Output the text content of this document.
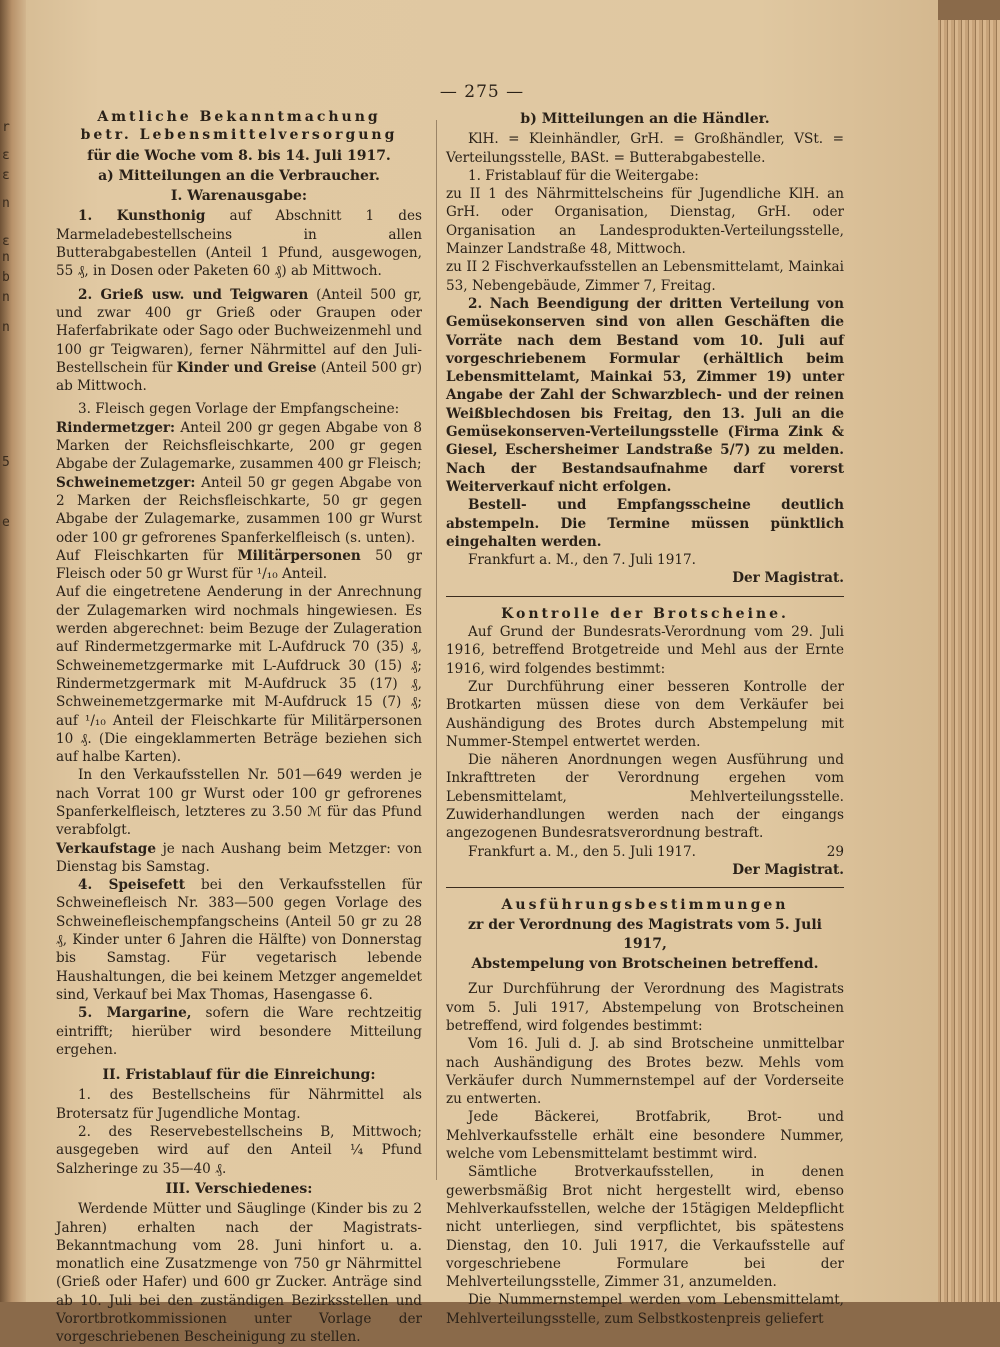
r
ε
ε
n
ε
n
b
n
n
5
e
— 275 —

Amtliche Bekanntmachung

betr. Lebensmittelversorgung

für die Woche vom 8. bis 14. Juli 1917.

a) Mitteilungen an die Verbraucher.

I. Warenausgabe:

1. Kunsthonig auf Abschnitt 1 des Marmeladebestellscheins in allen Butterabgabestellen (Anteil 1 Pfund, ausgewogen, 55 ₰, in Dosen oder Paketen 60 ₰) ab Mittwoch.

2. Grieß usw. und Teigwaren (Anteil 500 gr, und zwar 400 gr Grieß oder Graupen oder Haferfabrikate oder Sago oder Buchweizenmehl und 100 gr Teigwaren), ferner Nährmittel auf den Juli-Bestellschein für Kinder und Greise (Anteil 500 gr) ab Mittwoch.

3. Fleisch gegen Vorlage der Empfangscheine:

Rindermetzger: Anteil 200 gr gegen Abgabe von 8 Marken der Reichsfleischkarte, 200 gr gegen Abgabe der Zulagemarke, zusammen 400 gr Fleisch;

Schweinemetzger: Anteil 50 gr gegen Abgabe von 2 Marken der Reichsfleischkarte, 50 gr gegen Abgabe der Zulagemarke, zusammen 100 gr Wurst oder 100 gr gefrorenes Spanferkelfleisch (s. unten).

Auf Fleischkarten für Militärpersonen 50 gr Fleisch oder 50 gr Wurst für ¹/₁₀ Anteil.

Auf die eingetretene Aenderung in der Anrechnung der Zulagemarken wird nochmals hingewiesen. Es werden abgerechnet: beim Bezuge der Zulageration auf Rindermetzgermarke mit L-Aufdruck 70 (35) ₰, Schweinemetzgermarke mit L-Aufdruck 30 (15) ₰; Rindermetzgermark mit M-Aufdruck 35 (17) ₰, Schweinemetzgermarke mit M-Aufdruck 15 (7) ₰; auf ¹/₁₀ Anteil der Fleischkarte für Militärpersonen 10 ₰. (Die eingeklammerten Beträge beziehen sich auf halbe Karten).

In den Verkaufsstellen Nr. 501—649 werden je nach Vorrat 100 gr Wurst oder 100 gr gefrorenes Spanferkelfleisch, letzteres zu 3.50 ℳ für das Pfund verabfolgt.

Verkaufstage je nach Aushang beim Metzger: von Dienstag bis Samstag.

4. Speisefett bei den Verkaufsstellen für Schweinefleisch Nr. 383—500 gegen Vorlage des Schweinefleischempfangscheins (Anteil 50 gr zu 28 ₰, Kinder unter 6 Jahren die Hälfte) von Donnerstag bis Samstag. Für vegetarisch lebende Haushaltungen, die bei keinem Metzger angemeldet sind, Verkauf bei Max Thomas, Hasengasse 6.

5. Margarine, sofern die Ware rechtzeitig eintrifft; hierüber wird besondere Mitteilung ergehen.

II. Fristablauf für die Einreichung:

1. des Bestellscheins für Nährmittel als Brotersatz für Jugendliche Montag.

2. des Reservebestellscheins B, Mittwoch; ausgegeben wird auf den Anteil ¼ Pfund Salzheringe zu 35—40 ₰.

III. Verschiedenes:

Werdende Mütter und Säuglinge (Kinder bis zu 2 Jahren) erhalten nach der Magistrats-Bekanntmachung vom 28. Juni hinfort u. a. monatlich eine Zusatzmenge von 750 gr Nährmittel (Grieß oder Hafer) und 600 gr Zucker. Anträge sind ab 10. Juli bei den zuständigen Bezirksstellen und Vorortbrotkommissionen unter Vorlage der vorgeschriebenen Bescheinigung zu stellen.

b) Mitteilungen an die Händler.

KlH. = Kleinhändler, GrH. = Großhändler, VSt. = Verteilungsstelle, BASt. = Butterabgabestelle.

1. Fristablauf für die Weitergabe:

zu II 1 des Nährmittelscheins für Jugendliche KlH. an GrH. oder Organisation, Dienstag, GrH. oder Organisation an Landesprodukten-Verteilungsstelle, Mainzer Landstraße 48, Mittwoch.

zu II 2 Fischverkaufsstellen an Lebensmittelamt, Mainkai 53, Nebengebäude, Zimmer 7, Freitag.

2. Nach Beendigung der dritten Verteilung von Gemüsekonserven sind von allen Geschäften die Vorräte nach dem Bestand vom 10. Juli auf vorgeschriebenem Formular (erhältlich beim Lebensmittelamt, Mainkai 53, Zimmer 19) unter Angabe der Zahl der Schwarzblech- und der reinen Weißblechdosen bis Freitag, den 13. Juli an die Gemüsekonserven-Verteilungsstelle (Firma Zink & Giesel, Eschersheimer Landstraße 5/7) zu melden. Nach der Bestandsaufnahme darf vorerst Weiterverkauf nicht erfolgen.

Bestell- und Empfangsscheine deutlich abstempeln. Die Termine müssen pünktlich eingehalten werden.

Frankfurt a. M., den 7. Juli 1917.

Der Magistrat.

Kontrolle der Brotscheine.

Auf Grund der Bundesrats-Verordnung vom 29. Juli 1916, betreffend Brotgetreide und Mehl aus der Ernte 1916, wird folgendes bestimmt:

Zur Durchführung einer besseren Kontrolle der Brotkarten müssen diese von dem Verkäufer bei Aushändigung des Brotes durch Abstempelung mit Nummer-Stempel entwertet werden.

Die näheren Anordnungen wegen Ausführung und Inkrafttreten der Verordnung ergehen vom Lebensmittelamt, Mehlverteilungsstelle. Zuwiderhandlungen werden nach der eingangs angezogenen Bundesratsverordnung bestraft.

Frankfurt a. M., den 5. Juli 1917.	29

Der Magistrat.

Ausführungsbestimmungen

zr der Verordnung des Magistrats vom 5. Juli 1917,

Abstempelung von Brotscheinen betreffend.

Zur Durchführung der Verordnung des Magistrats vom 5. Juli 1917, Abstempelung von Brotscheinen betreffend, wird folgendes bestimmt:

Vom 16. Juli d. J. ab sind Brotscheine unmittelbar nach Aushändigung des Brotes bezw. Mehls vom Verkäufer durch Nummernstempel auf der Vorderseite zu entwerten.

Jede Bäckerei, Brotfabrik, Brot- und Mehlverkaufsstelle erhält eine besondere Nummer, welche vom Lebensmittelamt bestimmt wird.

Sämtliche Brotverkaufsstellen, in denen gewerbsmäßig Brot nicht hergestellt wird, ebenso Mehlverkaufsstellen, welche der 15tägigen Meldepflicht nicht unterliegen, sind verpflichtet, bis spätestens Dienstag, den 10. Juli 1917, die Verkaufsstelle auf vorgeschriebene Formulare bei der Mehlverteilungsstelle, Zimmer 31, anzumelden.

Die Nummernstempel werden vom Lebensmittelamt, Mehlverteilungsstelle, zum Selbstkostenpreis geliefert
